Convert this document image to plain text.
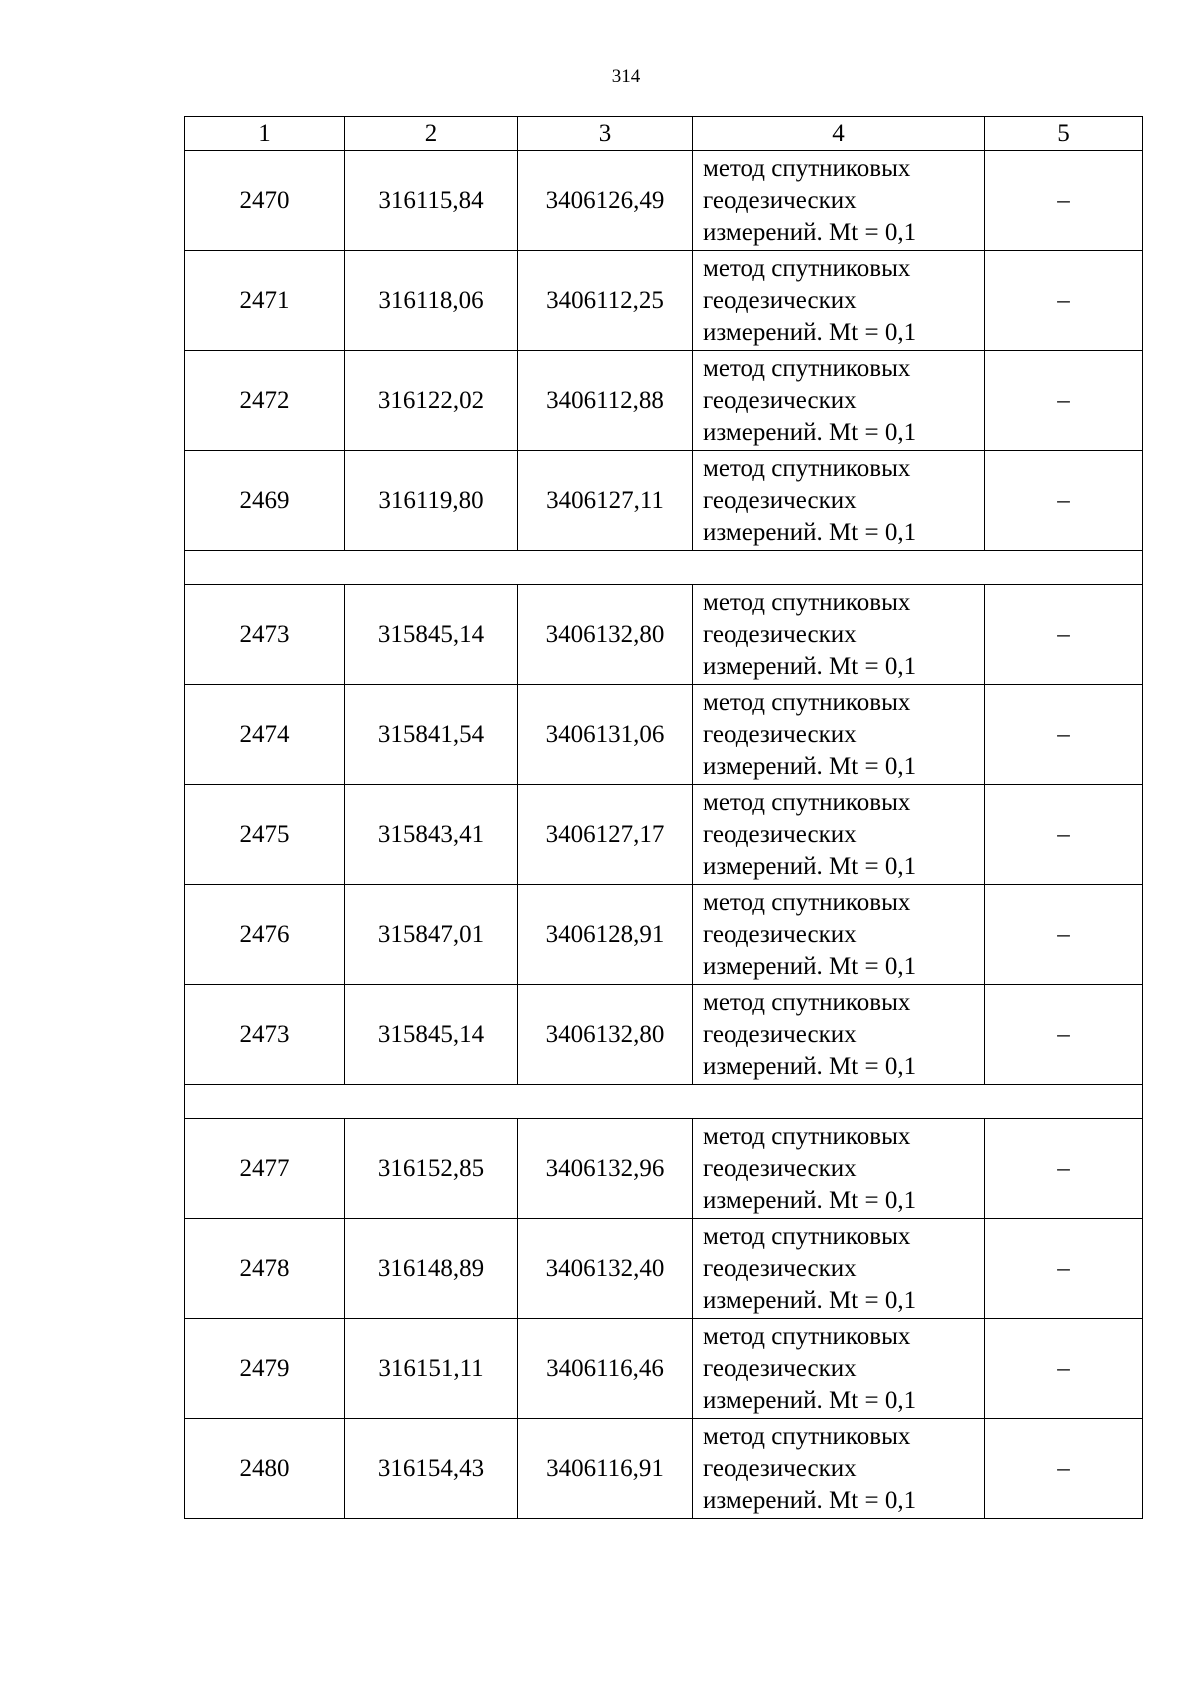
314
1	2	3	4	5
2470	316115,84	3406126,49	метод спутниковых
геодезических
измерений. Mt = 0,1	–
2471	316118,06	3406112,25	метод спутниковых
геодезических
измерений. Mt = 0,1	–
2472	316122,02	3406112,88	метод спутниковых
геодезических
измерений. Mt = 0,1	–
2469	316119,80	3406127,11	метод спутниковых
геодезических
измерений. Mt = 0,1	–

2473	315845,14	3406132,80	метод спутниковых
геодезических
измерений. Mt = 0,1	–
2474	315841,54	3406131,06	метод спутниковых
геодезических
измерений. Mt = 0,1	–
2475	315843,41	3406127,17	метод спутниковых
геодезических
измерений. Mt = 0,1	–
2476	315847,01	3406128,91	метод спутниковых
геодезических
измерений. Mt = 0,1	–
2473	315845,14	3406132,80	метод спутниковых
геодезических
измерений. Mt = 0,1	–

2477	316152,85	3406132,96	метод спутниковых
геодезических
измерений. Mt = 0,1	–
2478	316148,89	3406132,40	метод спутниковых
геодезических
измерений. Mt = 0,1	–
2479	316151,11	3406116,46	метод спутниковых
геодезических
измерений. Mt = 0,1	–
2480	316154,43	3406116,91	метод спутниковых
геодезических
измерений. Mt = 0,1	–
